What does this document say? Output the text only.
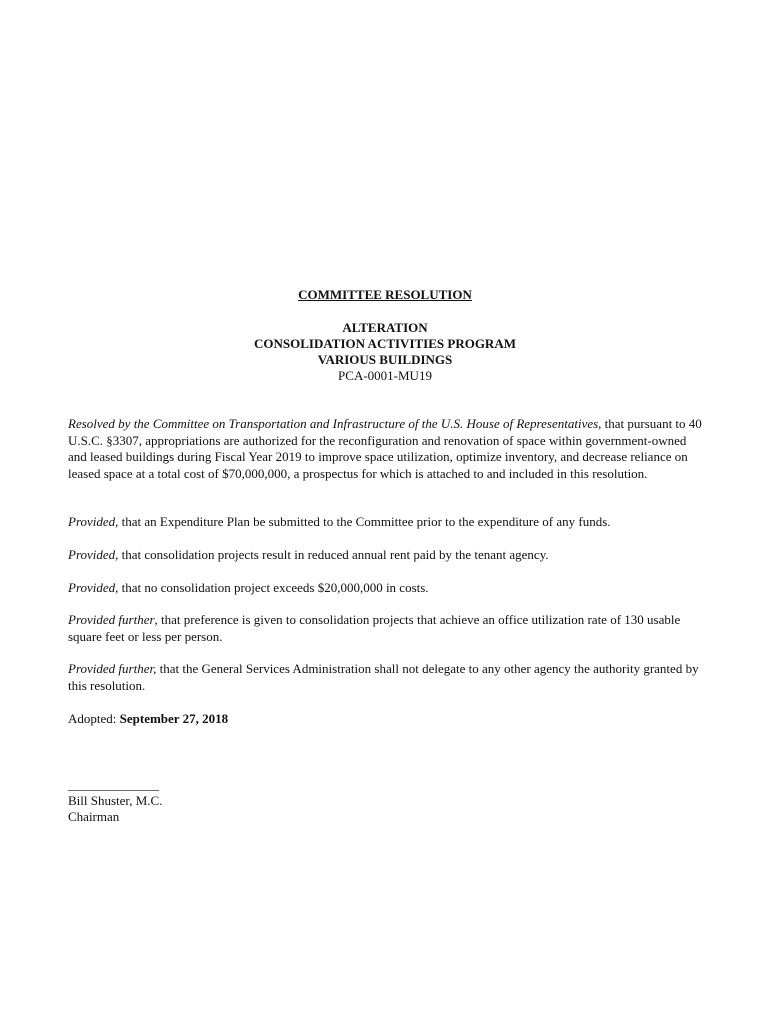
COMMITTEE RESOLUTION
ALTERATION
CONSOLIDATION ACTIVITIES PROGRAM
VARIOUS BUILDINGS
PCA-0001-MU19

Resolved by the Committee on Transportation and Infrastructure of the U.S. House of Representatives, that pursuant to 40 U.S.C. §3307, appropriations are authorized for the reconfiguration and renovation of space within government-owned and leased buildings during Fiscal Year 2019 to improve space utilization, optimize inventory, and decrease reliance on leased space at a total cost of $70,000,000, a prospectus for which is attached to and included in this resolution.

Provided, that an Expenditure Plan be submitted to the Committee prior to the expenditure of any funds.

Provided, that consolidation projects result in reduced annual rent paid by the tenant agency.

Provided, that no consolidation project exceeds $20,000,000 in costs.

Provided further, that preference is given to consolidation projects that achieve an office utilization rate of 130 usable square feet or less per person.

Provided further, that the General Services Administration shall not delegate to any other agency the authority granted by this resolution.

Adopted: September 27, 2018

______________
Bill Shuster, M.C.
Chairman
